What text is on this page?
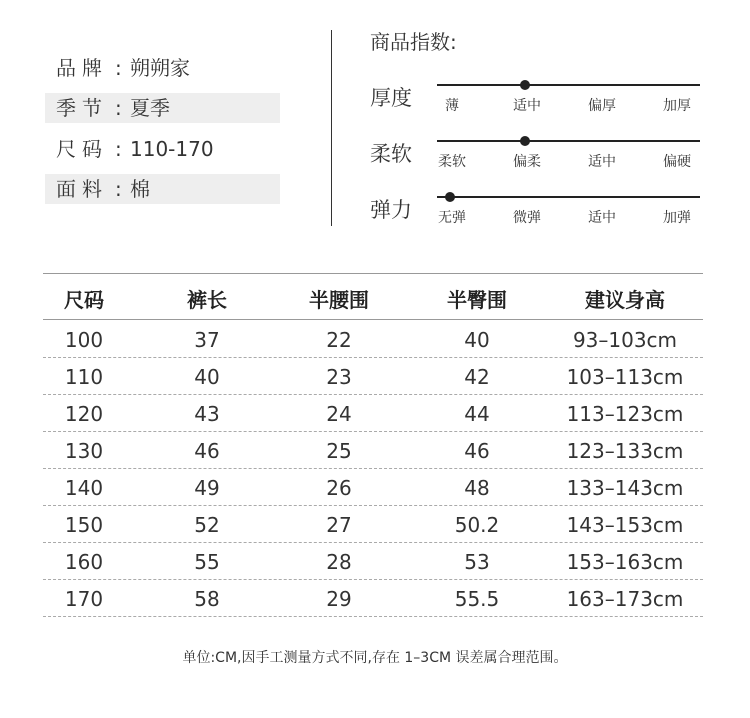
品牌 : 朔朔家
季节 : 夏季
尺码 : 110-170
面料 : 棉
商品指数:
厚度	薄	适中	偏厚	加厚
柔软	柔软	偏柔	适中	偏硬
弹力	无弹	微弹	适中	加弹
尺码	裤长	半腰围	半臀围	建议身高
100	37	22	40	93–103cm
110	40	23	42	103–113cm
120	43	24	44	113–123cm
130	46	25	46	123–133cm
140	49	26	48	133–143cm
150	52	27	50.2	143–153cm
160	55	28	53	153–163cm
170	58	29	55.5	163–173cm
单位:CM,因手工测量方式不同,存在 1–3CM 误差属合理范围。
